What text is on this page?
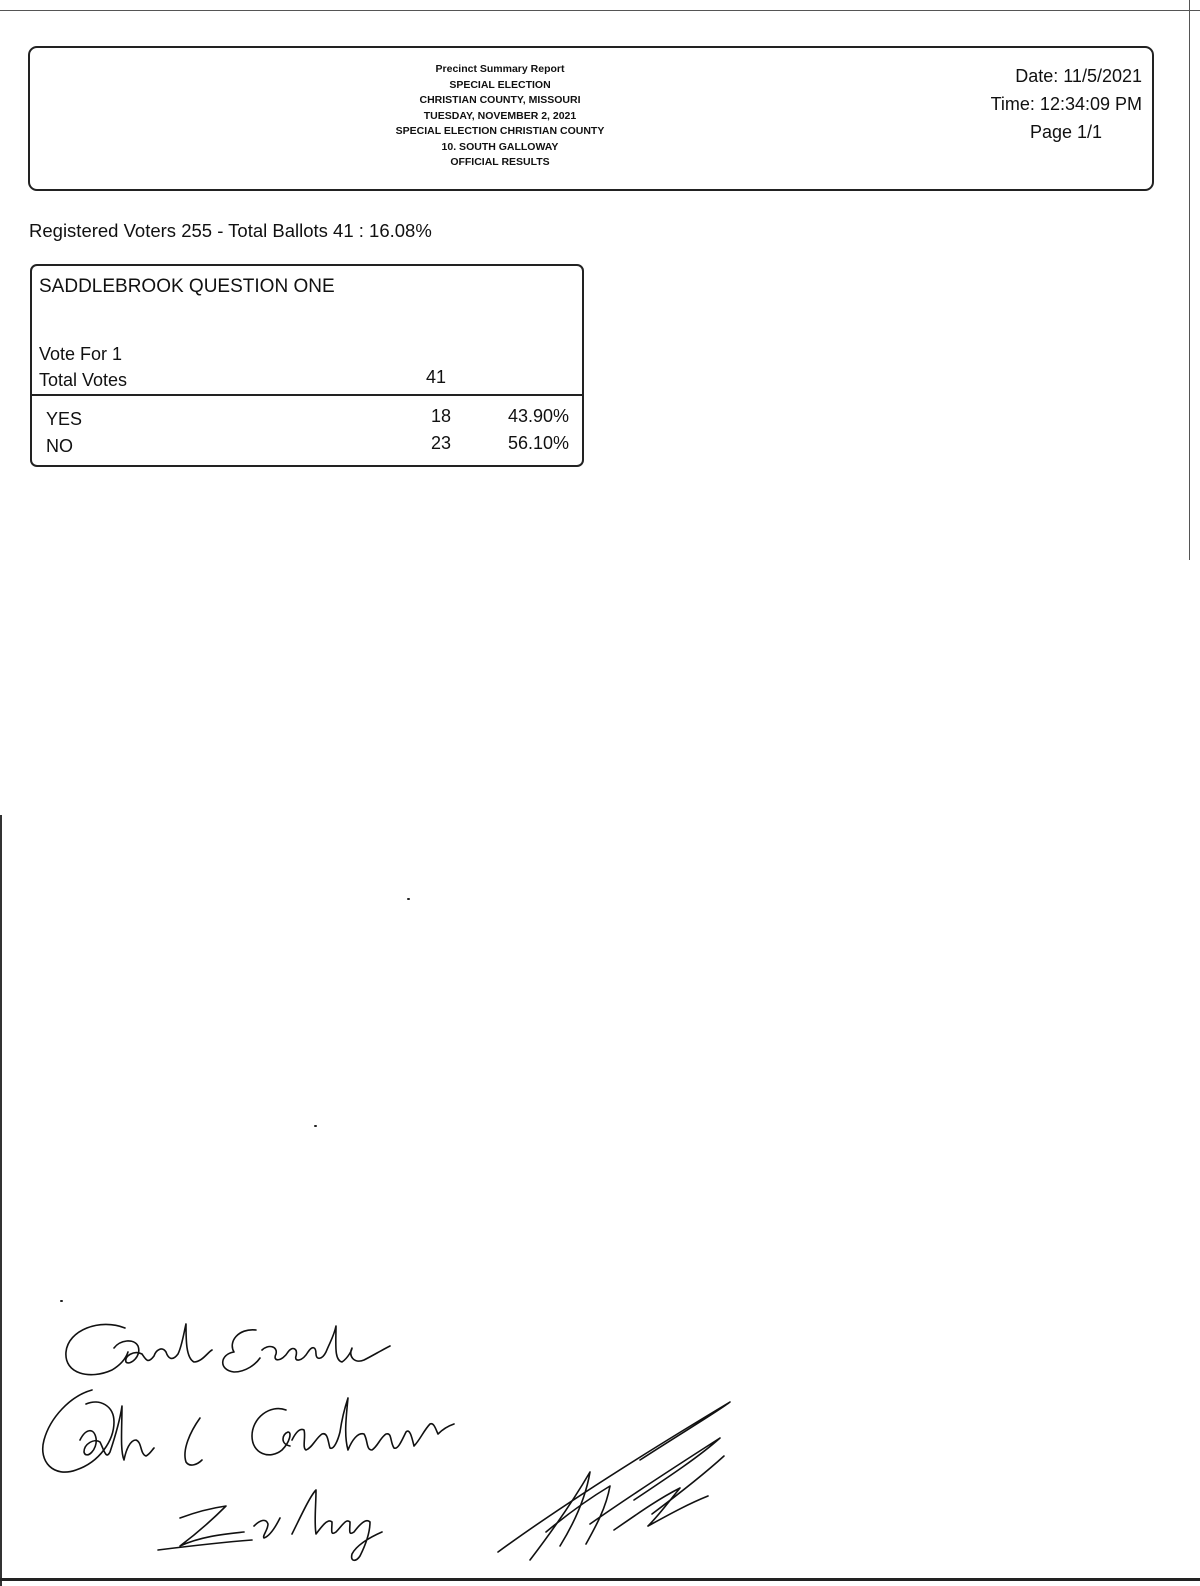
Precinct Summary Report
SPECIAL ELECTION
CHRISTIAN COUNTY, MISSOURI
TUESDAY, NOVEMBER 2, 2021
SPECIAL ELECTION CHRISTIAN COUNTY
10. SOUTH GALLOWAY
OFFICIAL RESULTS
Date: 11/5/2021
Time: 12:34:09 PM
Page 1/1
Registered Voters 255 - Total Ballots 41 : 16.08%
SADDLEBROOK QUESTION ONE
Vote For 1
Total Votes	41
YES	18	43.90%
NO	23	56.10%
